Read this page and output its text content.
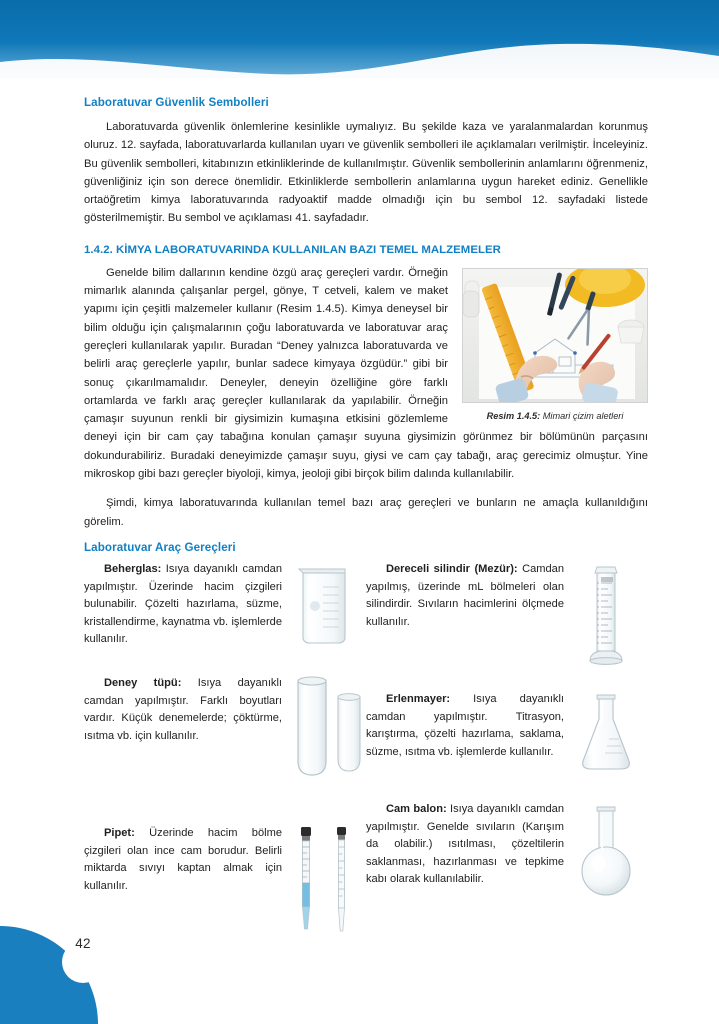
Laboratuvar Güvenlik Sembolleri

Laboratuvarda güvenlik önlemlerine kesinlikle uymalıyız. Bu şekilde kaza ve yaralanmalardan korunmuş oluruz. 12. sayfada, laboratuvarlarda kullanılan uyarı ve güvenlik sembolleri ile açıklamaları verilmiştir. İnceleyiniz. Bu güvenlik sembolleri, kitabınızın etkinliklerinde de kullanılmıştır. Güvenlik sembollerinin anlamlarını öğrenmeniz, güvenliğiniz için son derece önemlidir. Etkinliklerde sembollerin anlamlarına uygun hareket ediniz. Genellikle ortaöğretim kimya laboratuvarında radyoaktif madde olmadığı için bu sembol 12. sayfadaki listede gösterilmemiştir. Bu sembol ve açıklaması 41. sayfadadır.

1.4.2. KİMYA LABORATUVARINDA KULLANILAN BAZI TEMEL MALZEMELER
Resim 1.4.5: Mimari çizim aletleri

Genelde bilim dallarının kendine özgü araç gereçleri vardır. Örneğin mimarlık alanında çalışanlar pergel, gönye, T cetveli, kalem ve maket yapımı için çeşitli malzemeler kullanır (Resim 1.4.5). Kimya deneysel bir bilim olduğu için çalışmalarının çoğu laboratuvarda ve laboratuvar araç gereçleri kullanılarak yapılır. Buradan “Deney yalnızca laboratuvarda ve belirli araç gereçlerle yapılır, bunlar sadece kimyaya özgüdür.” gibi bir sonuç çıkarılmamalıdır. Deneyler, deneyin özelliğine göre farklı ortamlarda ve farklı araç gereçler kullanılarak da yapılabilir. Örneğin çamaşır suyunun renkli bir giysimizin kumaşına etkisini gözlemleme deneyi için bir cam çay tabağına konulan çamaşır suyuna giysimizin görünmez bir bölümünün parçasını dokundurabiliriz. Buradaki deneyimizde çamaşır suyu, giysi ve cam çay tabağı, araç gerecimiz olmuştur. Yine mikroskop gibi bazı gereçler biyoloji, kimya, jeoloji gibi birçok bilim dalında kullanılabilir.

Şimdi, kimya laboratuvarında kullanılan temel bazı araç gereçleri ve bunların ne amaçla kullanıldığını görelim.

Laboratuvar Araç Gereçleri
Beherglas: Isıya dayanıklı camdan yapılmıştır. Üzerinde hacim çizgileri bulunabilir. Çözelti hazırlama, süzme, kristallendirme, kaynatma vb. işlemlerde kullanılır.
Deney tüpü: Isıya dayanıklı camdan yapılmıştır. Farklı boyutları vardır. Küçük denemelerde; çöktürme, ısıtma vb. için kullanılır.
Pipet: Üzerinde hacim bölme çizgileri olan ince cam borudur. Belirli miktarda sıvıyı kaptan almak için kullanılır.
Dereceli silindir (Mezür): Camdan yapılmış, üzerinde mL bölmeleri olan silindirdir. Sıvıların hacimlerini ölçmede kullanılır.
Erlenmayer: Isıya dayanıklı camdan yapılmıştır. Titrasyon, karıştırma, çözelti hazırlama, saklama, süzme, ısıtma vb. işlemlerde kullanılır.
Cam balon: Isıya dayanıklı camdan yapılmıştır. Genelde sıvıların (Karışım da olabilir.) ısıtılması, çözeltilerin saklanması, hazırlanması ve tepkime kabı olarak kullanılabilir.
42
